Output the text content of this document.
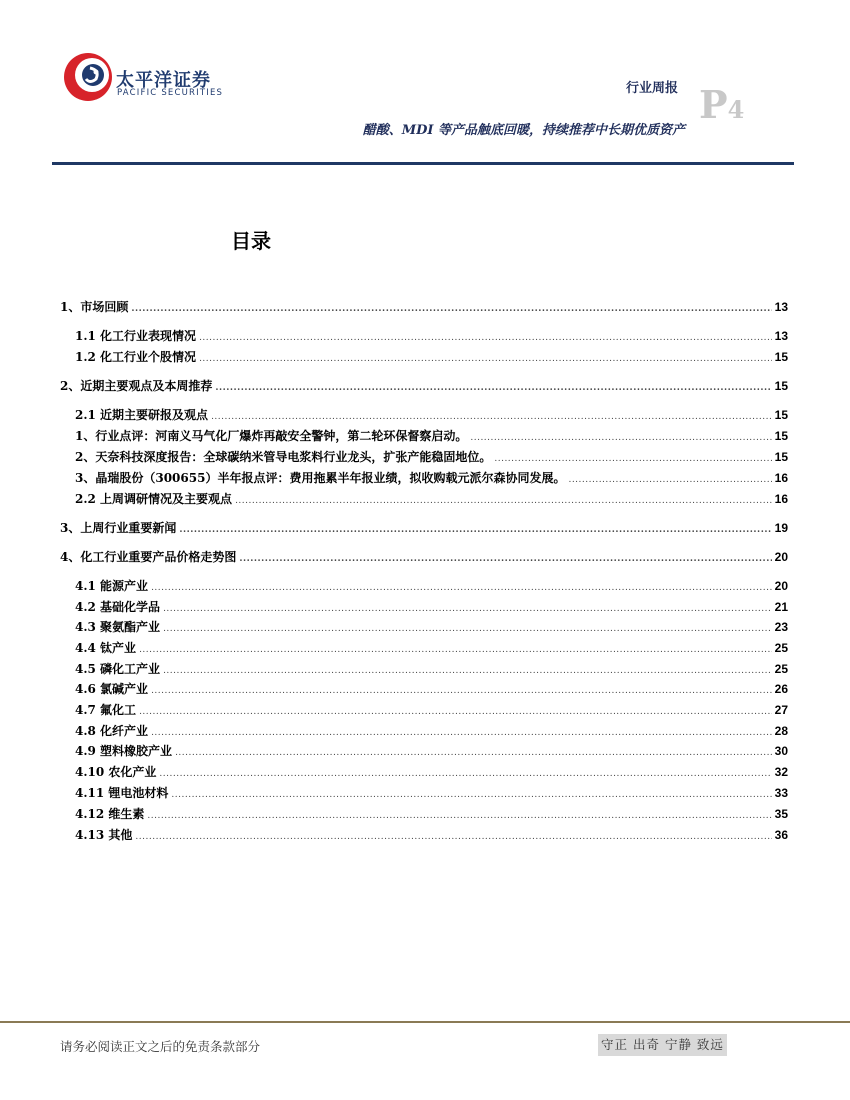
太平洋证券
PACIFIC SECURITIES	行业周报 P4
醋酸、MDI 等产品触底回暖，持续推荐中长期优质资产
目录
1、市场回顾 .....	13
1.1 化工行业表现情况 .....	13
1.2 化工行业个股情况 .....	15
2、近期主要观点及本周推荐 .....	15
2.1 近期主要研报及观点 .....	15
1、行业点评：河南义马气化厂爆炸再敲安全警钟，第二轮环保督察启动。 .....	15
2、天奈科技深度报告：全球碳纳米管导电浆料行业龙头，扩张产能稳固地位。 .....	15
3、晶瑞股份（300655）半年报点评：费用拖累半年报业绩，拟收购载元派尔森协同发展。 .....	16
2.2 上周调研情况及主要观点 .....	16
3、上周行业重要新闻 .....	19
4、化工行业重要产品价格走势图 .....	20
4.1 能源产业 .....	20
4.2 基础化学品 .....	21
4.3 聚氨酯产业 .....	23
4.4 钛产业 .....	25
4.5 磷化工产业 .....	25
4.6 氯碱产业 .....	26
4.7 氟化工 .....	27
4.8 化纤产业 .....	28
4.9 塑料橡胶产业 .....	30
4.10 农化产业 .....	32
4.11 锂电池材料 .....	33
4.12 维生素 .....	35
4.13 其他 .....	36
请务必阅读正文之后的免责条款部分	守正 出奇 宁静 致远
